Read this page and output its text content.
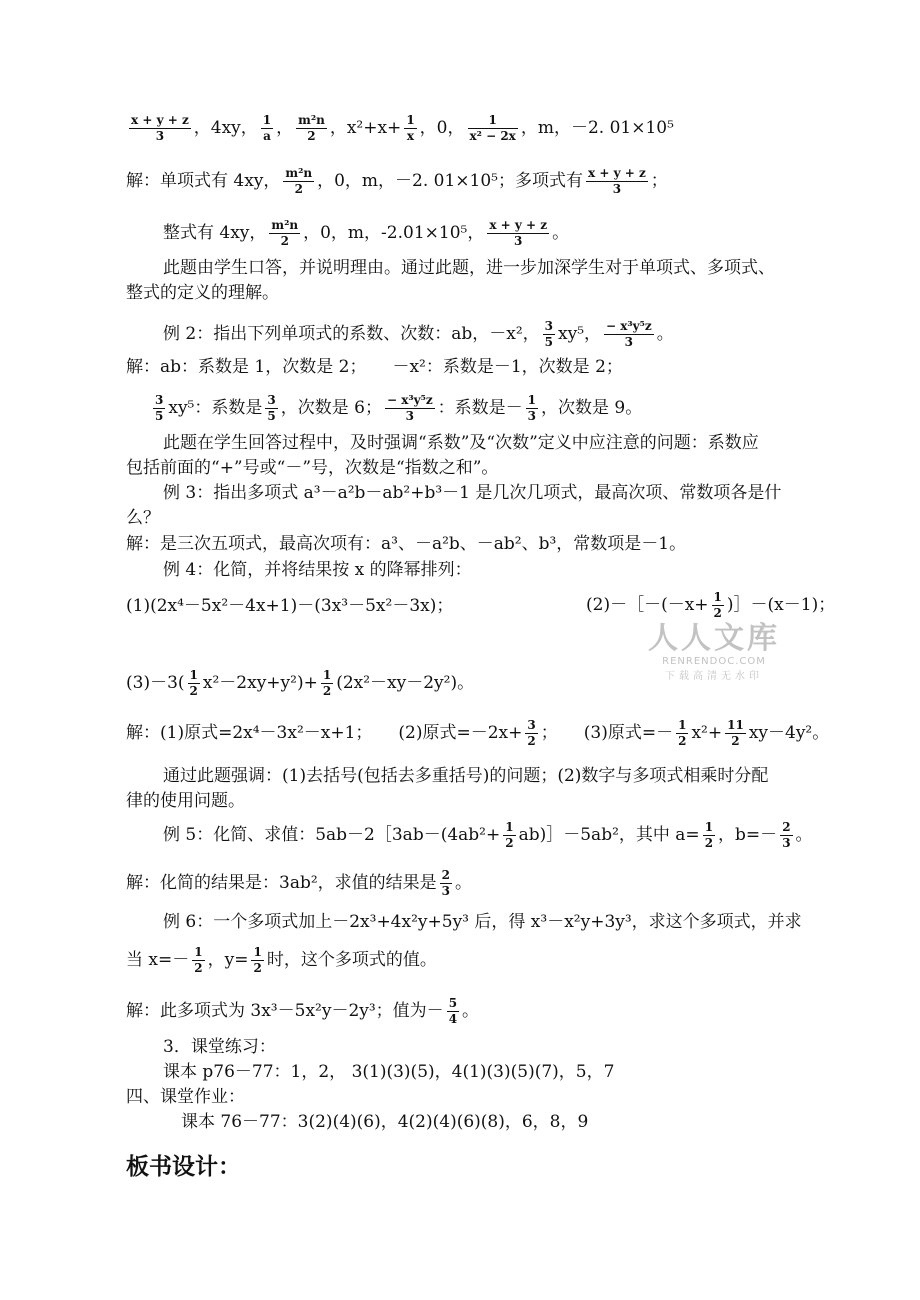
$\frac{x + y + z}{3}$ ，4xy， $\frac{1}{a}$ ， $\frac{\text{m²n}}{2}$ ，$x^2+x+ \frac{1}{x}$ ，0， $\frac{1}{\text{x² − 2x}}$ ，m，－2. 01×10⁵
解：单项式有 4xy， $\frac{\text{m²n}}{2}$ ，0，m，－2. 01×10⁵；多项式有 $\frac{x + y + z}{3}$ ；
整式有 4xy， $\frac{\text{m²n}}{2}$ ，0，m，-2.01×10⁵， $\frac{x + y + z}{3}$ 。
此题由学生口答，并说明理由。通过此题，进一步加深学生对于单项式、多项式、
整式的定义的理解。
例 2：指出下列单项式的系数、次数：ab，－x²， $\frac{3}{5} xy^5$， $\frac{\text{− x³y⁵z}}{3}$ 。
解：ab：系数是 1，次数是 2； －x²：系数是－1，次数是 2；
$\frac{3}{5} xy^5$：系数是 $\frac{3}{5}$ ，次数是 6； $\frac{\text{− x³y⁵z}}{3}$ ：系数是－ $\frac{1}{3}$ ，次数是 9。
此题在学生回答过程中，及时强调“系数”及“次数”定义中应注意的问题：系数应
包括前面的“+”号或“－”号，次数是“指数之和”。
例 3：指出多项式 a³－a²b－ab²+b³－1 是几次几项式，最高次项、常数项各是什
么？
解：是三次五项式，最高次项有：a³、－a²b、－ab²、b³，常数项是－1。
例 4：化简，并将结果按 x 的降幂排列：
(1)(2x⁴－5x²－4x+1)－(3x³－5x²－3x)；	(2)－［－(－x+ $\frac{1}{2}$ )］－(x－1)；
人人文库
RENRENDOC.COM
下载高清无水印
$(3)-3( \frac{1}{2} x^2-2xy+y^2)+ \frac{1}{2} (2x^2-xy-2y^2)$。
解：(1)原式=2x⁴－3x²－x+1； (2)原式$=-2x+ \frac{3}{2}$ ； (3)原式=－ $\frac{1}{2} x^2+ \frac{11}{2} xy-4y^2$。
通过此题强调：(1)去括号(包括去多重括号)的问题；(2)数字与多项式相乘时分配
律的使用问题。
例 5：化简、求值：5ab－2［3ab－(4ab²+ $\frac{1}{2}$ ab)］－5ab²，其中 $a= \frac{1}{2}$ ，$b=- \frac{2}{3}$ 。
解：化简的结果是：3ab²，求值的结果是 $\frac{2}{3}$ 。
例 6：一个多项式加上－2x³+4x²y+5y³ 后，得 x³－x²y+3y³，求这个多项式，并求
当 $x=- \frac{1}{2}$ ，$y= \frac{1}{2}$ 时，这个多项式的值。
解：此多项式为 3x³－5x²y－2y³；值为－ $\frac{5}{4}$ 。
3．课堂练习：
课本 p76－77：1，2， 3(1)(3)(5)，4(1)(3)(5)(7)，5，7
四、课堂作业：
课本 76－77：3(2)(4)(6)，4(2)(4)(6)(8)，6，8，9
板书设计：
